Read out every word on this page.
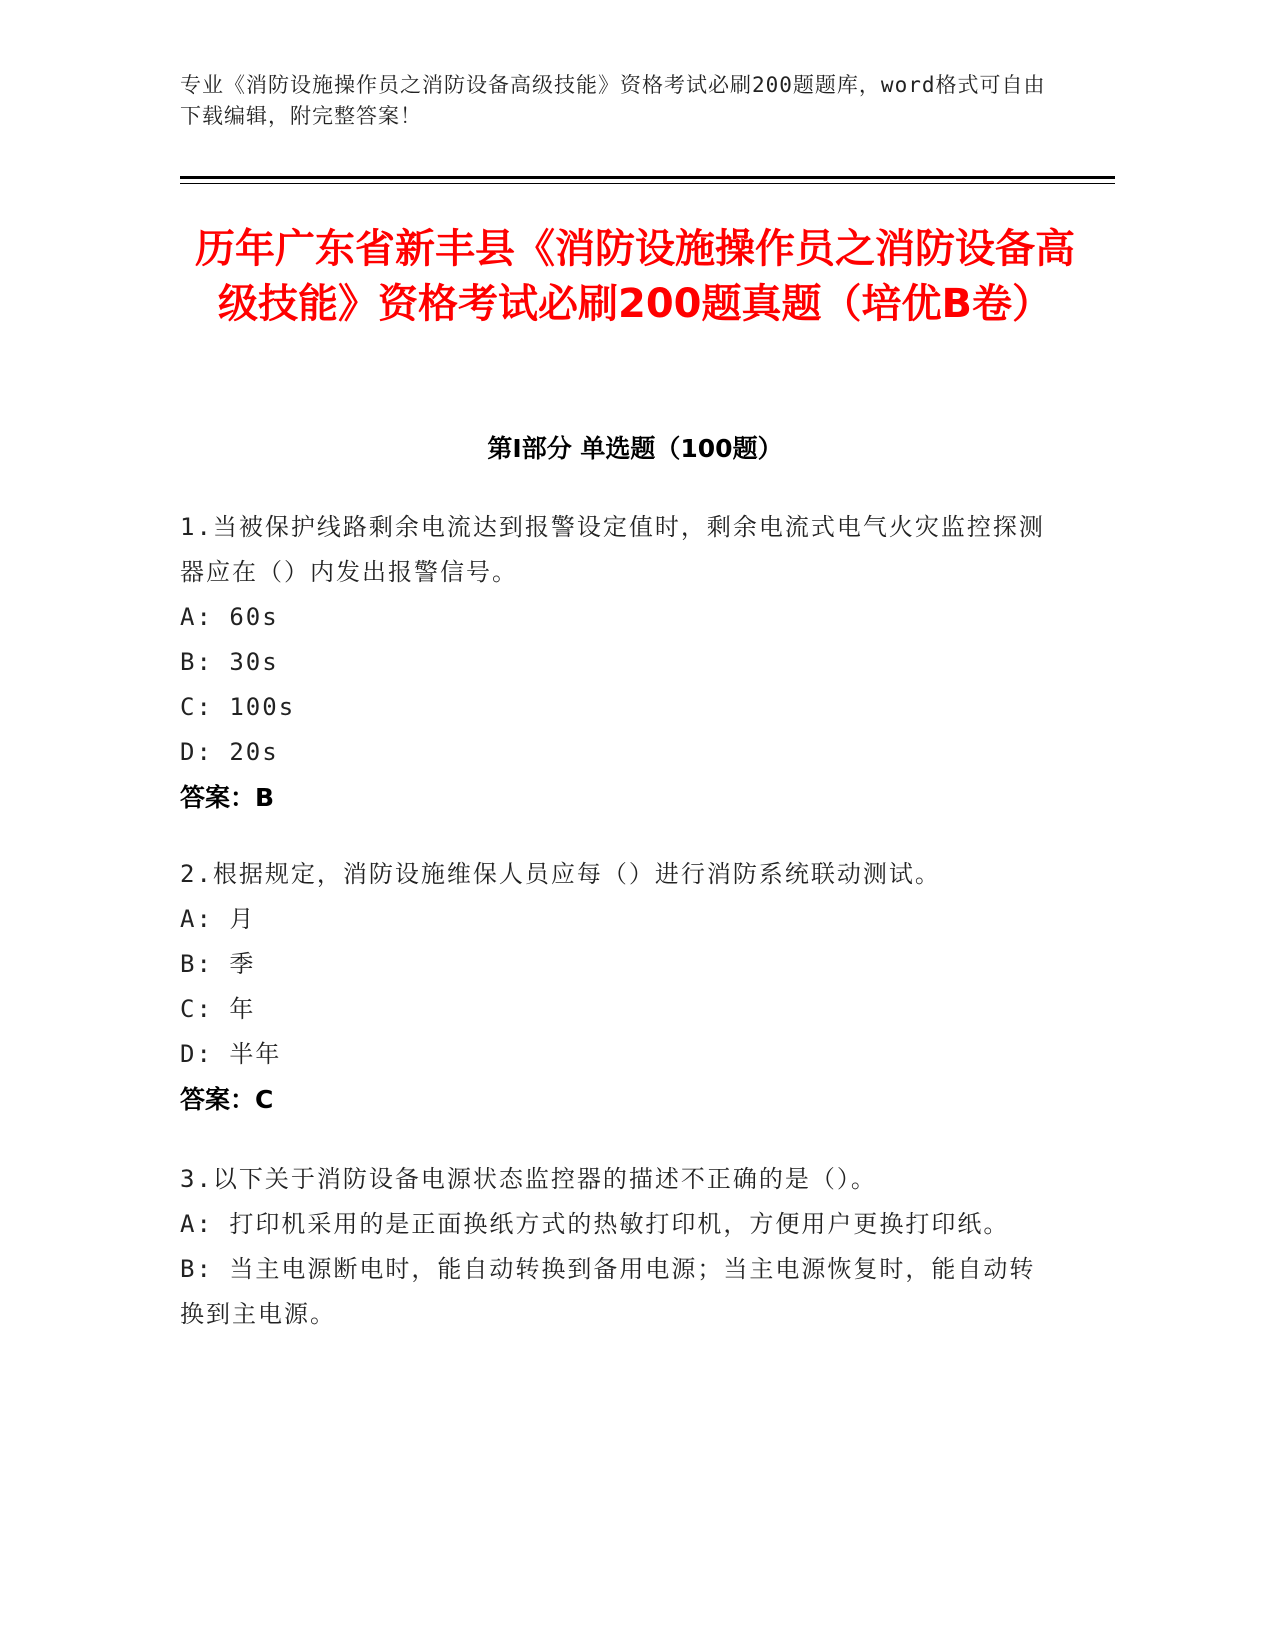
专业《消防设施操作员之消防设备高级技能》资格考试必刷200题题库，word格式可自由下载编辑，附完整答案！
历年广东省新丰县《消防设施操作员之消防设备高级技能》资格考试必刷200题真题（培优B卷）
第Ⅰ部分 单选题（100题）
1.当被保护线路剩余电流达到报警设定值时，剩余电流式电气火灾监控探测器应在（）内发出报警信号。
A: 60s
B: 30s
C: 100s
D: 20s
答案：B
2.根据规定，消防设施维保人员应每（）进行消防系统联动测试。
A: 月
B: 季
C: 年
D: 半年
答案：C
3.以下关于消防设备电源状态监控器的描述不正确的是（）。
A: 打印机采用的是正面换纸方式的热敏打印机，方便用户更换打印纸。
B: 当主电源断电时，能自动转换到备用电源；当主电源恢复时，能自动转换到主电源。
